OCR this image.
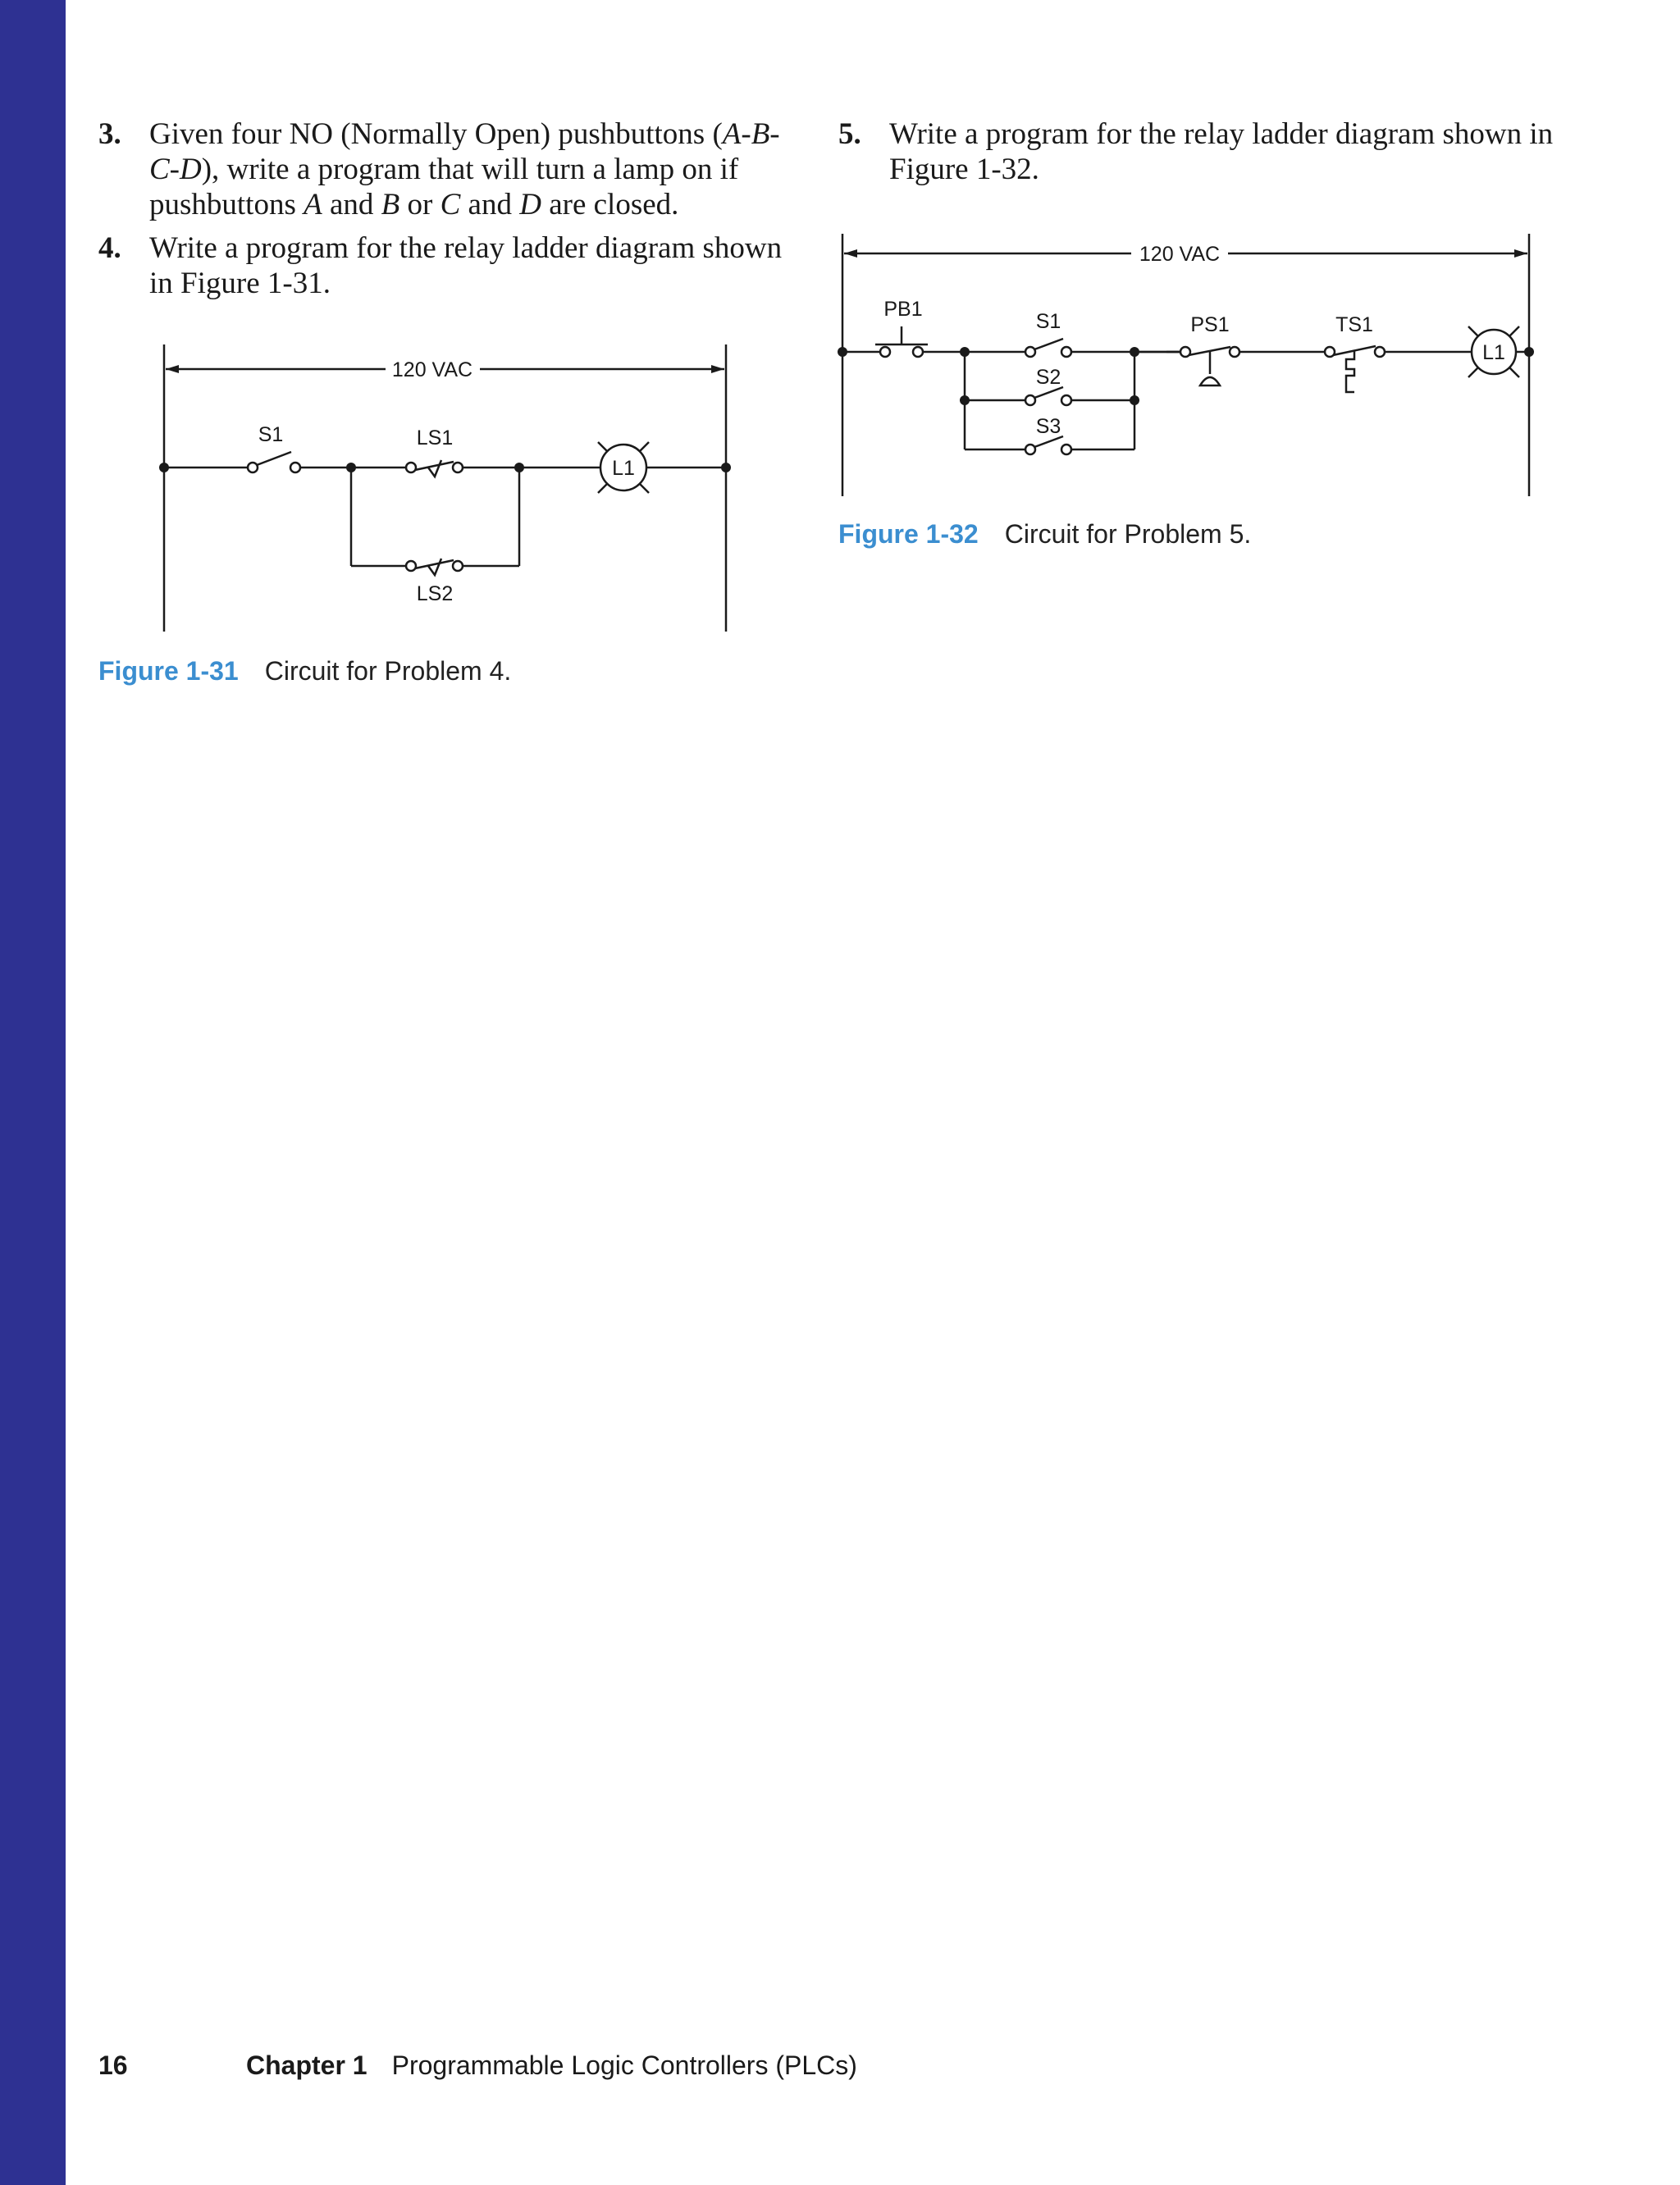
3. Given four NO (Normally Open) pushbuttons (A-B-C-D), write a program that will turn a lamp on if pushbuttons A and B or C and D are closed.
4. Write a program for the relay ladder diagram shown in Figure 1-31.
5. Write a program for the relay ladder diagram shown in Figure 1-32.
120 VAC
L1
S1	LS1
LS2
Figure 1-31 Circuit for Problem 4.
120 VAC
L1
PB1
S1
S2
S3
PS1	TS1
Figure 1-32 Circuit for Problem 5.
16	Chapter 1 Programmable Logic Controllers (PLCs)
